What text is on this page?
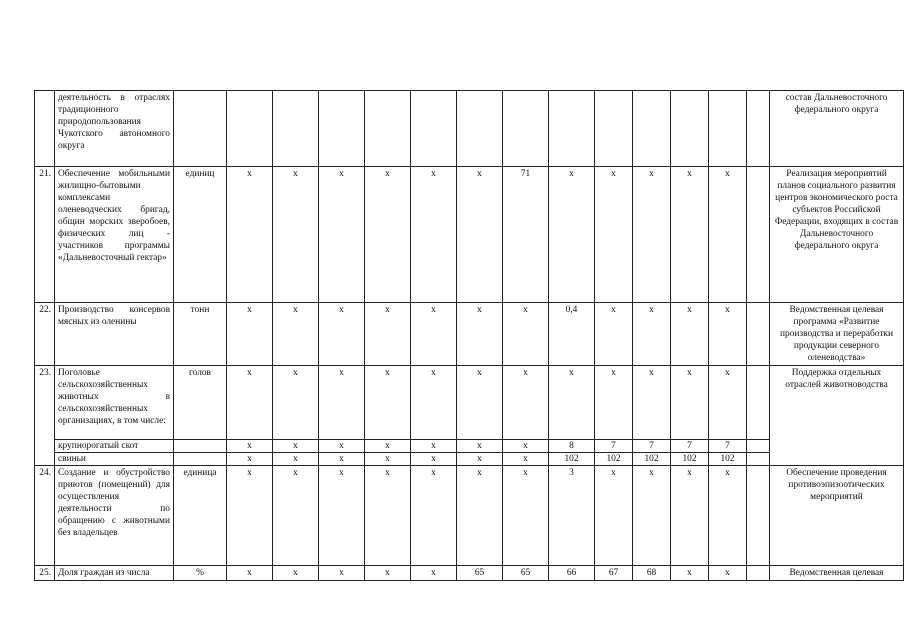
	деятельность в отраслях традиционного природопользования Чукотского автономного округа															состав Дальневосточного федерального округа
21.	Обеспечение мобильными жилищно-бытовыми комплексами оленеводческих бригад, общин морских зверобоев, физических лиц - участников программы «Дальневосточный гектар»	единиц	x	x	x	x	x	x	71	x	x	x	x	x		Реализация мероприятий планов социального развития центров экономического роста субъектов Российской Федерации, входящих в состав Дальневосточного федерального округа
22.	Производство консервов мясных из оленины	тонн	x	x	x	x	x	x	x	0,4	x	x	x	x		Ведомственная целевая программа «Развитие производства и переработки продукции северного оленеводства»
23.	Поголовье сельскохозяйственных животных в сельскохозяйственных организациях, в том числе:	голов	x	x	x	x	x	x	x	x	x	x	x	x		Поддержка отдельных отраслей животноводства
	крупнорогатый скот		x	x	x	x	x	x	x	8	7	7	7	7		
	свиньи		x	x	x	x	x	x	x	102	102	102	102	102		
24.	Создание и обустройство приютов (помещений) для осуществления деятельности по обращению с животными без владельцев	единица	x	x	x	x	x	x	x	3	x	x	x	x		Обеспечение проведения противоэпизоотических мероприятий
25.	Доля граждан из числа	%	x	x	x	x	x	65	65	66	67	68	x	x		Ведомственная целевая
